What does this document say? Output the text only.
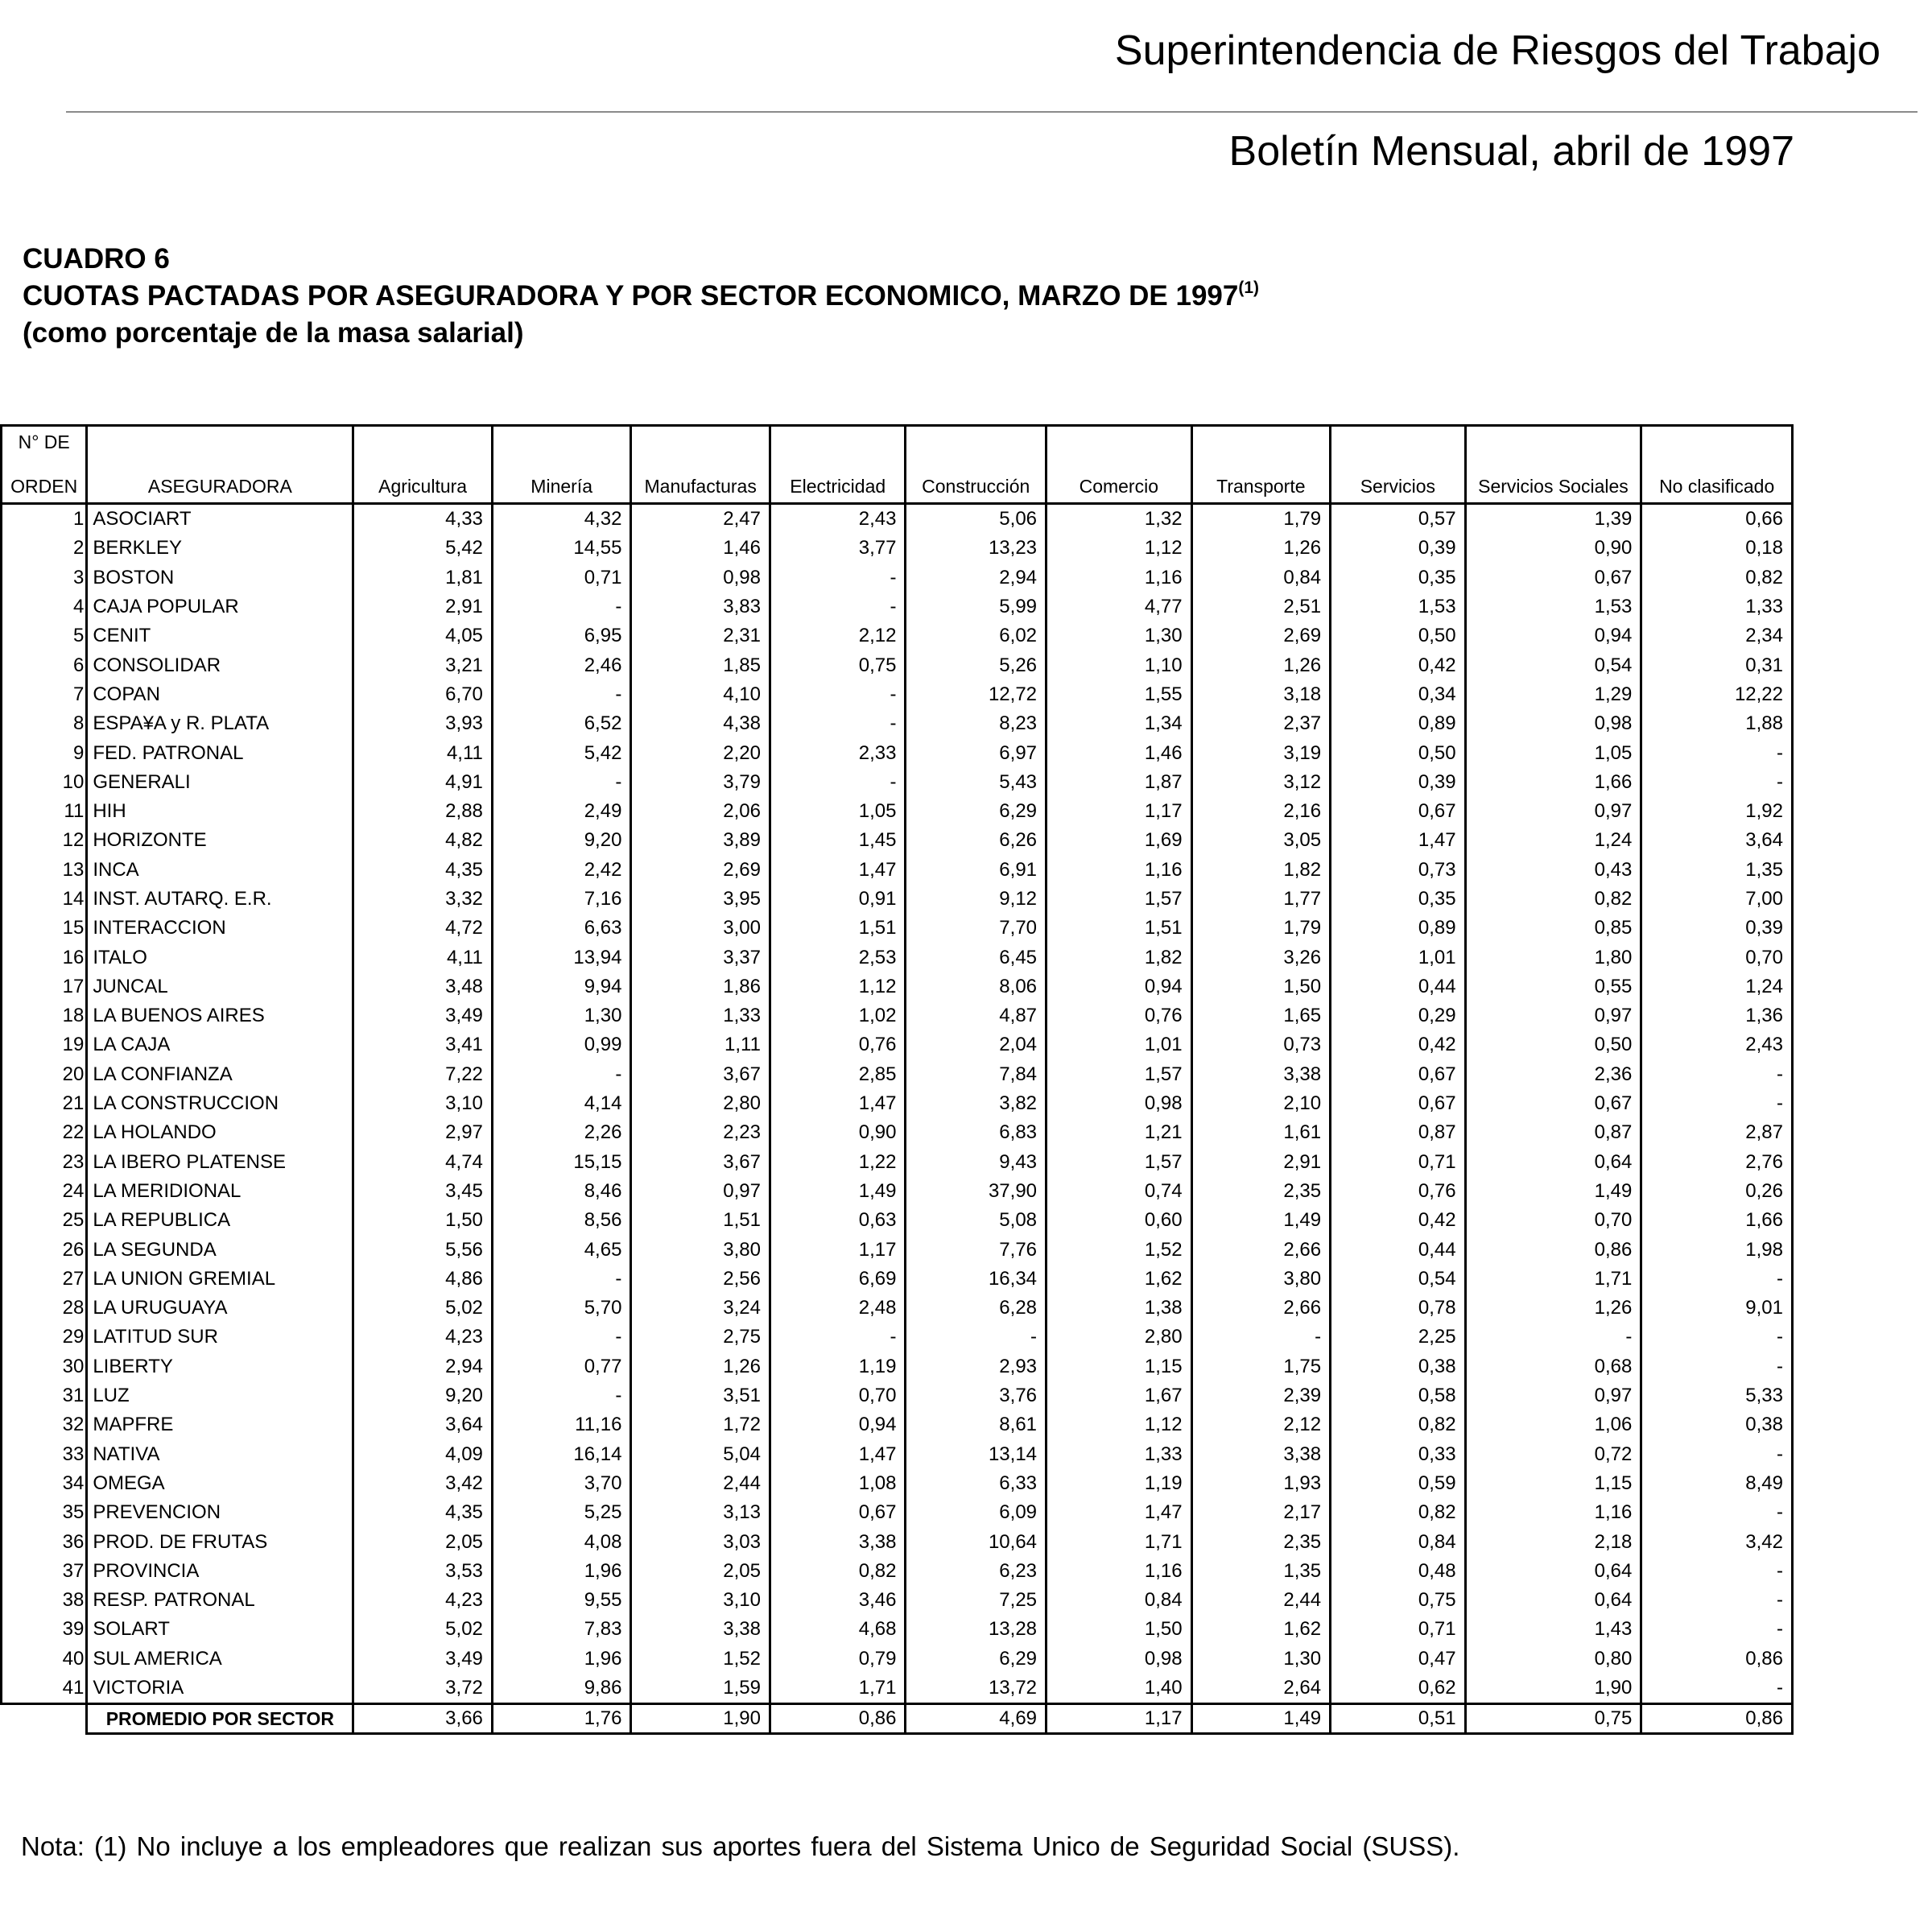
Superintendencia de Riesgos del Trabajo
Boletín Mensual, abril de 1997
CUADRO 6
CUOTAS PACTADAS POR ASEGURADORA Y POR SECTOR ECONOMICO, MARZO DE 1997$^{(1)}$
(como porcentaje de la masa salarial)
N° DE											
ORDEN	ASEGURADORA	Agricultura	Minería	Manufacturas	Electricidad	Construcción	Comercio	Transporte	Servicios	Servicios Sociales	No clasificado
1	ASOCIART	4,33	4,32	2,47	2,43	5,06	1,32	1,79	0,57	1,39	0,66
2	BERKLEY	5,42	14,55	1,46	3,77	13,23	1,12	1,26	0,39	0,90	0,18
3	BOSTON	1,81	0,71	0,98	-	2,94	1,16	0,84	0,35	0,67	0,82
4	CAJA POPULAR	2,91	-	3,83	-	5,99	4,77	2,51	1,53	1,53	1,33
5	CENIT	4,05	6,95	2,31	2,12	6,02	1,30	2,69	0,50	0,94	2,34
6	CONSOLIDAR	3,21	2,46	1,85	0,75	5,26	1,10	1,26	0,42	0,54	0,31
7	COPAN	6,70	-	4,10	-	12,72	1,55	3,18	0,34	1,29	12,22
8	ESPA¥A y R. PLATA	3,93	6,52	4,38	-	8,23	1,34	2,37	0,89	0,98	1,88
9	FED. PATRONAL	4,11	5,42	2,20	2,33	6,97	1,46	3,19	0,50	1,05	-
10	GENERALI	4,91	-	3,79	-	5,43	1,87	3,12	0,39	1,66	-
11	HIH	2,88	2,49	2,06	1,05	6,29	1,17	2,16	0,67	0,97	1,92
12	HORIZONTE	4,82	9,20	3,89	1,45	6,26	1,69	3,05	1,47	1,24	3,64
13	INCA	4,35	2,42	2,69	1,47	6,91	1,16	1,82	0,73	0,43	1,35
14	INST. AUTARQ. E.R.	3,32	7,16	3,95	0,91	9,12	1,57	1,77	0,35	0,82	7,00
15	INTERACCION	4,72	6,63	3,00	1,51	7,70	1,51	1,79	0,89	0,85	0,39
16	ITALO	4,11	13,94	3,37	2,53	6,45	1,82	3,26	1,01	1,80	0,70
17	JUNCAL	3,48	9,94	1,86	1,12	8,06	0,94	1,50	0,44	0,55	1,24
18	LA BUENOS AIRES	3,49	1,30	1,33	1,02	4,87	0,76	1,65	0,29	0,97	1,36
19	LA CAJA	3,41	0,99	1,11	0,76	2,04	1,01	0,73	0,42	0,50	2,43
20	LA CONFIANZA	7,22	-	3,67	2,85	7,84	1,57	3,38	0,67	2,36	-
21	LA CONSTRUCCION	3,10	4,14	2,80	1,47	3,82	0,98	2,10	0,67	0,67	-
22	LA HOLANDO	2,97	2,26	2,23	0,90	6,83	1,21	1,61	0,87	0,87	2,87
23	LA IBERO PLATENSE	4,74	15,15	3,67	1,22	9,43	1,57	2,91	0,71	0,64	2,76
24	LA MERIDIONAL	3,45	8,46	0,97	1,49	37,90	0,74	2,35	0,76	1,49	0,26
25	LA REPUBLICA	1,50	8,56	1,51	0,63	5,08	0,60	1,49	0,42	0,70	1,66
26	LA SEGUNDA	5,56	4,65	3,80	1,17	7,76	1,52	2,66	0,44	0,86	1,98
27	LA UNION GREMIAL	4,86	-	2,56	6,69	16,34	1,62	3,80	0,54	1,71	-
28	LA URUGUAYA	5,02	5,70	3,24	2,48	6,28	1,38	2,66	0,78	1,26	9,01
29	LATITUD SUR	4,23	-	2,75	-	-	2,80	-	2,25	-	-
30	LIBERTY	2,94	0,77	1,26	1,19	2,93	1,15	1,75	0,38	0,68	-
31	LUZ	9,20	-	3,51	0,70	3,76	1,67	2,39	0,58	0,97	5,33
32	MAPFRE	3,64	11,16	1,72	0,94	8,61	1,12	2,12	0,82	1,06	0,38
33	NATIVA	4,09	16,14	5,04	1,47	13,14	1,33	3,38	0,33	0,72	-
34	OMEGA	3,42	3,70	2,44	1,08	6,33	1,19	1,93	0,59	1,15	8,49
35	PREVENCION	4,35	5,25	3,13	0,67	6,09	1,47	2,17	0,82	1,16	-
36	PROD. DE FRUTAS	2,05	4,08	3,03	3,38	10,64	1,71	2,35	0,84	2,18	3,42
37	PROVINCIA	3,53	1,96	2,05	0,82	6,23	1,16	1,35	0,48	0,64	-
38	RESP. PATRONAL	4,23	9,55	3,10	3,46	7,25	0,84	2,44	0,75	0,64	-
39	SOLART	5,02	7,83	3,38	4,68	13,28	1,50	1,62	0,71	1,43	-
40	SUL AMERICA	3,49	1,96	1,52	0,79	6,29	0,98	1,30	0,47	0,80	0,86
41	VICTORIA	3,72	9,86	1,59	1,71	13,72	1,40	2,64	0,62	1,90	-
	PROMEDIO POR SECTOR	3,66	1,76	1,90	0,86	4,69	1,17	1,49	0,51	0,75	0,86
Nota: (1) No incluye a los empleadores que realizan sus aportes fuera del Sistema Unico de Seguridad Social (SUSS).
